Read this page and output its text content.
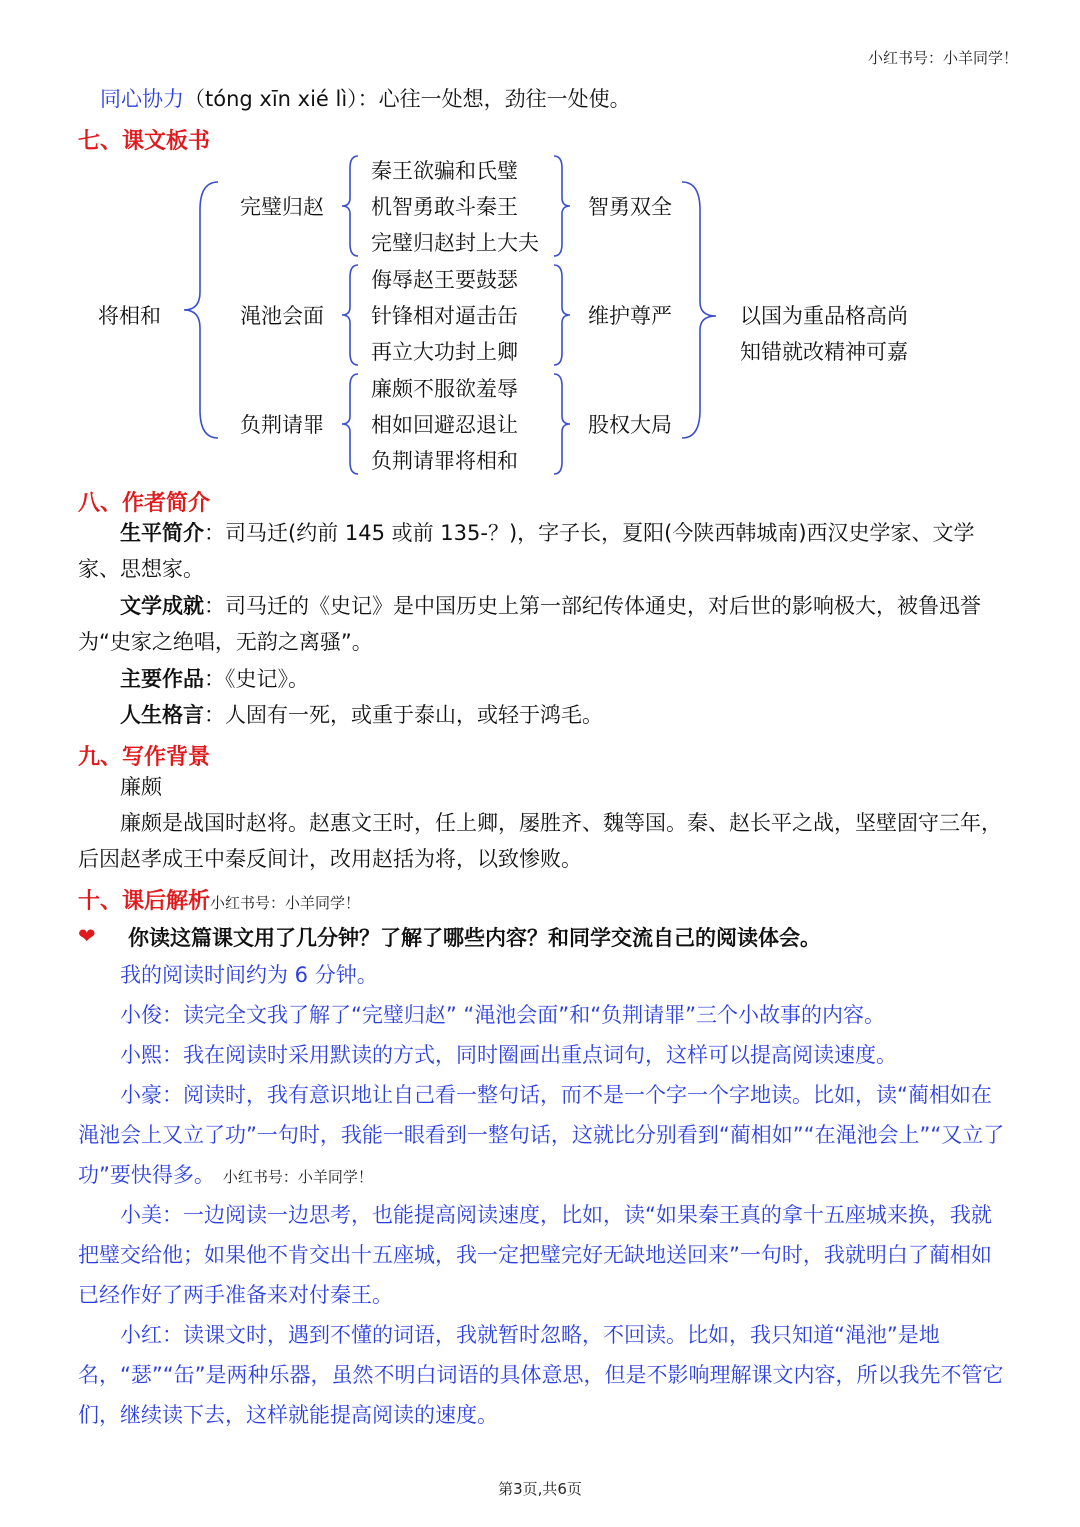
小红书号：小羊同学！
同心协力（tóng xīn xié lì）：心往一处想，劲往一处使。
七、课文板书
将相和
完璧归赵
秦王欲骗和氏璧
机智勇敢斗秦王
完璧归赵封上大夫
智勇双全
渑池会面
侮辱赵王要鼓瑟
针锋相对逼击缶
再立大功封上卿
维护尊严
负荆请罪
廉颇不服欲羞辱
相如回避忍退让
负荆请罪将相和
股权大局
以国为重品格高尚
知错就改精神可嘉
八、作者简介
生平简介：司马迁(约前 145 或前 135-？)，字子长，夏阳(今陕西韩城南)西汉史学家、文学家、思想家。
文学成就：司马迁的《史记》是中国历史上第一部纪传体通史，对后世的影响极大，被鲁迅誉为“史家之绝唱，无韵之离骚”。
主要作品：《史记》。
人生格言：人固有一死，或重于泰山，或轻于鸿毛。
九、写作背景
廉颇
廉颇是战国时赵将。赵惠文王时，任上卿，屡胜齐、魏等国。秦、赵长平之战，坚壁固守三年，后因赵孝成王中秦反间计，改用赵括为将，以致惨败。
十、课后解析小红书号：小羊同学！
❤ 你读这篇课文用了几分钟？了解了哪些内容？和同学交流自己的阅读体会。
我的阅读时间约为 6 分钟。
小俊：读完全文我了解了“完璧归赵” “渑池会面”和“负荆请罪”三个小故事的内容。
小熙：我在阅读时采用默读的方式，同时圈画出重点词句，这样可以提高阅读速度。
小豪：阅读时，我有意识地让自己看一整句话，而不是一个字一个字地读。比如，读“蔺相如在渑池会上又立了功”一句时，我能一眼看到一整句话，这就比分别看到“蔺相如”“在渑池会上”“又立了功”要快得多。 小红书号：小羊同学！
小美：一边阅读一边思考，也能提高阅读速度，比如，读“如果秦王真的拿十五座城来换，我就把璧交给他；如果他不肯交出十五座城，我一定把璧完好无缺地送回来”一句时，我就明白了蔺相如已经作好了两手准备来对付秦王。
小红：读课文时，遇到不懂的词语，我就暂时忽略，不回读。比如，我只知道“渑池”是地名，“瑟”“缶”是两种乐器，虽然不明白词语的具体意思，但是不影响理解课文内容，所以我先不管它们，继续读下去，这样就能提高阅读的速度。
第3页,共6页
